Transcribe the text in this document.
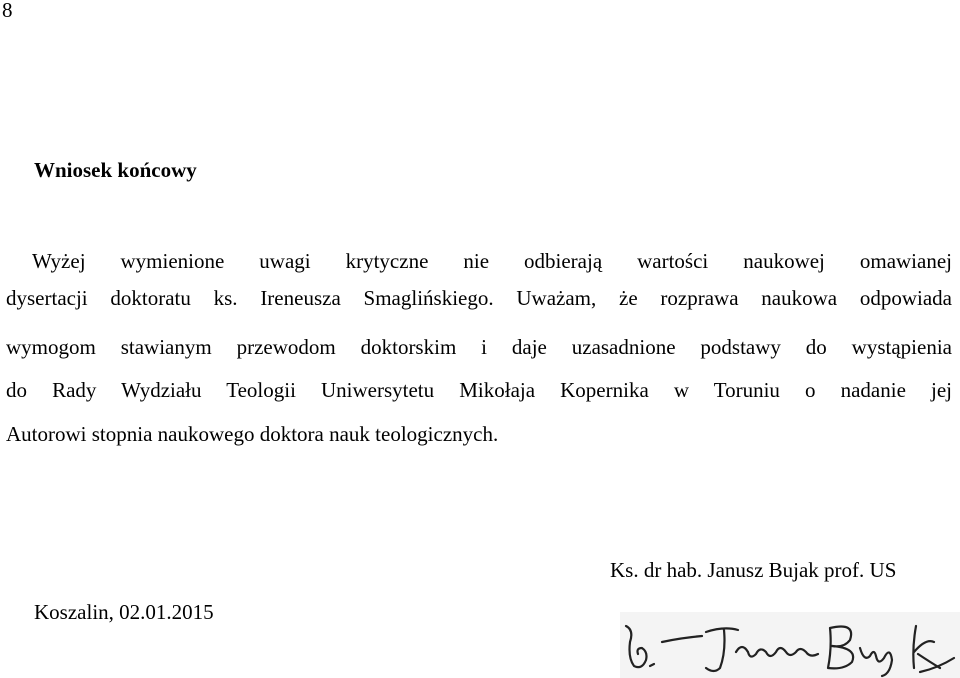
8
Wniosek końcowy
Wyżej wymienione uwagi krytyczne nie odbierają wartości naukowej omawianej
dysertacji doktoratu ks. Ireneusza Smaglińskiego. Uważam, że rozprawa naukowa odpowiada
wymogom stawianym przewodom doktorskim i daje uzasadnione podstawy do wystąpienia
do Rady Wydziału Teologii Uniwersytetu Mikołaja Kopernika w Toruniu o nadanie jej
Autorowi stopnia naukowego doktora nauk teologicznych.
Koszalin, 02.01.2015
Ks. dr hab. Janusz Bujak prof. US
